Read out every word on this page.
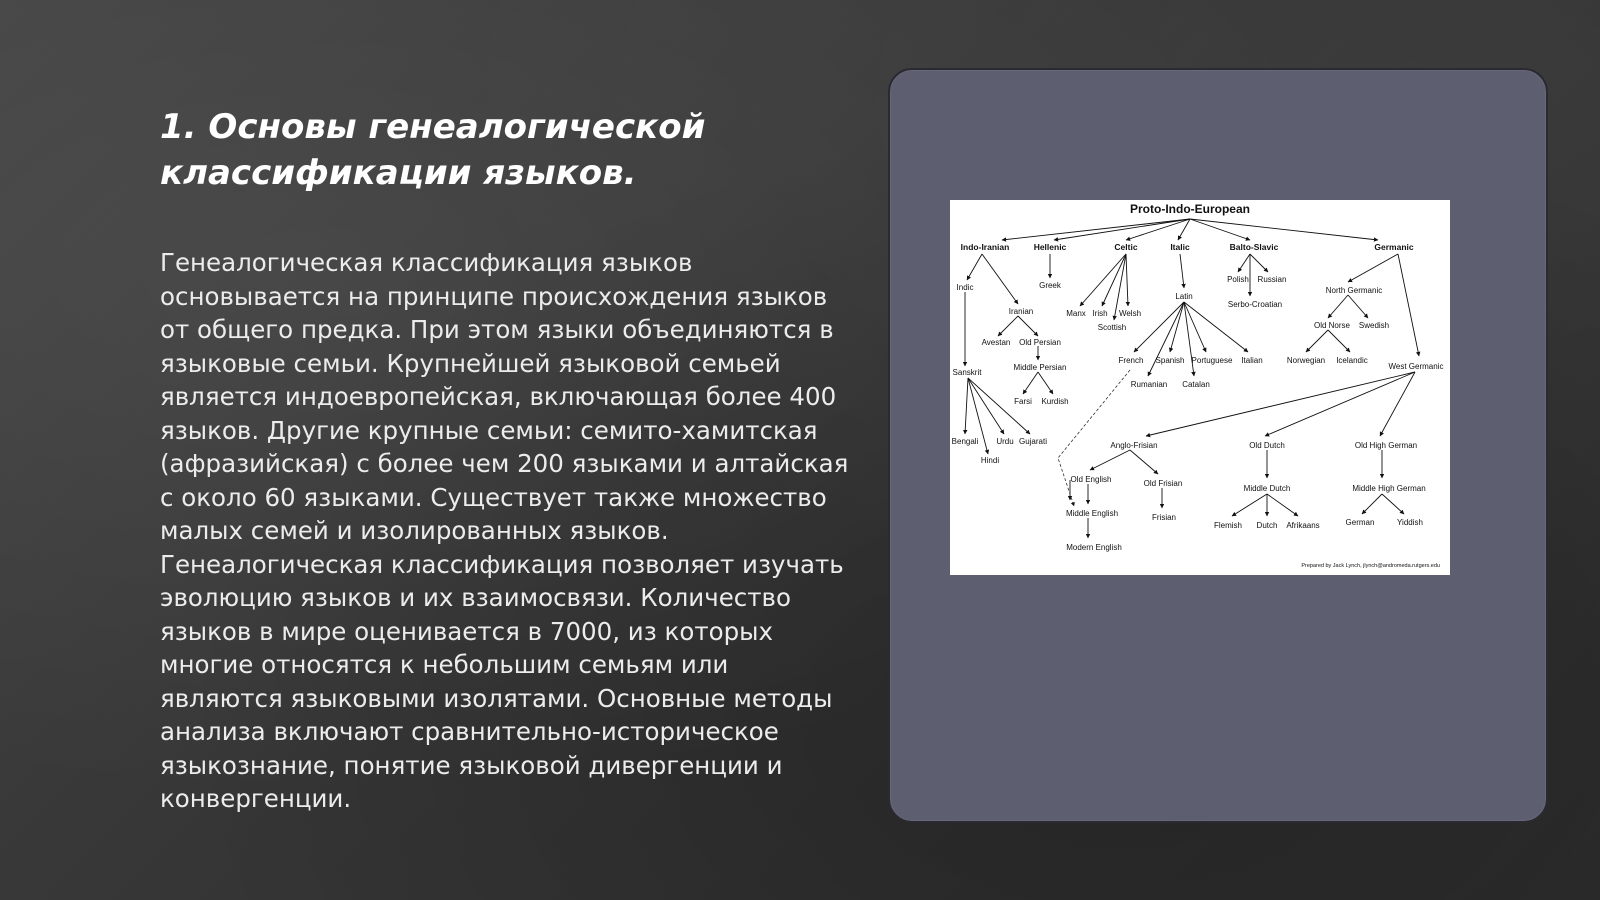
1. Основы генеалогической классификации языков.

Генеалогическая классификация языков основывается на принципе происхождения языков от общего предка. При этом языки объединяются в языковые семьи. Крупнейшей языковой семьей является индоевропейская, включающая более 400 языков. Другие крупные семьи: семито-хамитская (афразийская) с более чем 200 языками и алтайская с около 60 языками. Существует также множество малых семей и изолированных языков. Генеалогическая классификация позволяет изучать эволюцию языков и их взаимосвязи. Количество языков в мире оценивается в 7000, из которых многие относятся к небольшим семьям или являются языковыми изолятами. Основные методы анализа включают сравнительно-историческое языкознание, понятие языковой дивергенции и конвергенции.

Proto-Indo-European
Indo-Iranian	Hellenic	Celtic	Italic	Balto-Slavic	Germanic
Indic
Iranian
Avestan Old Persian
Middle Persian
Farsi Kurdish
Sanskrit
Bengali
Hindi
Urdu Gujarati
Greek
Manx Irish Welsh
Scottish
Latin
French Spanish Portuguese Italian
Rumanian Catalan
Polish Russian
Serbo-Croatian
North Germanic
Old Norse Swedish
Norwegian Icelandic
West Germanic
Anglo-Frisian
Old English	Old Frisian
Frisian
Middle English
Modern English
Old Dutch
Middle Dutch
Flemish Dutch Afrikaans
Old High German
Middle High German
German	Yiddish
Prepared by Jack Lynch, jlynch@andromeda.rutgers.edu
